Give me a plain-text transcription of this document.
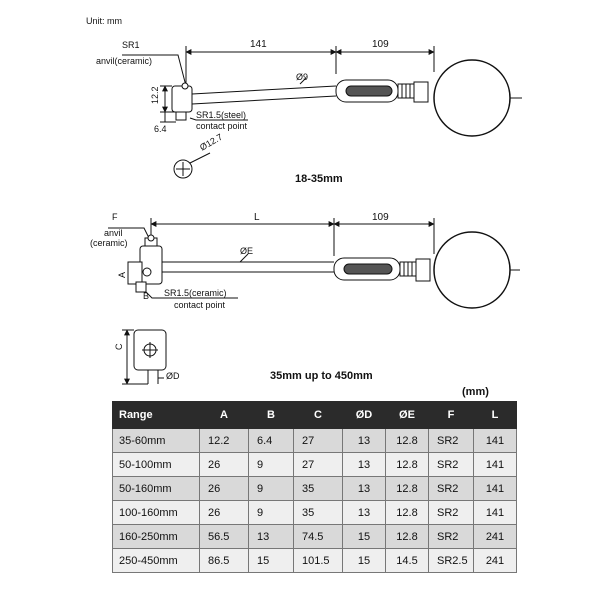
Unit: mm
SR1
anvil(ceramic)
141	109
Ø9
12.2
6.4
SR1.5(steel)
contact point
Ø12.7
18-35mm
F
anvil
(ceramic)
L	109
ØE
A
B SR1.5(ceramic)
contact point
C
ØD	35mm up to 450mm
(mm)
Range	A	B	C	ØD	ØE	F	L
35-60mm	12.2	6.4	27	13	12.8	SR2	141
50-100mm	26	9	27	13	12.8	SR2	141
50-160mm	26	9	35	13	12.8	SR2	141
100-160mm	26	9	35	13	12.8	SR2	141
160-250mm	56.5	13	74.5	15	12.8	SR2	241
250-450mm	86.5	15	101.5	15	14.5	SR2.5	241
